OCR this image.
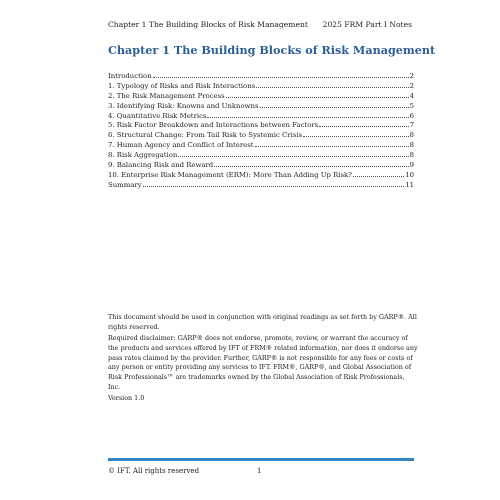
Chapter 1 The Building Blocks of Risk Management 2025 FRM Part I Notes
Chapter 1 The Building Blocks of Risk Management
Introduction	2
1. Typology of Risks and Risk Interactions	2
2. The Risk Management Process	4
3. Identifying Risk: Knowns and Unknowns	5
4. Quantitative Risk Metrics	6
5. Risk Factor Breakdown and Interactions between Factors	7
6. Structural Change: From Tail Risk to Systemic Crisis	8
7. Human Agency and Conflict of Interest	8
8. Risk Aggregation	8
9. Balancing Risk and Reward	9
10. Enterprise Risk Management (ERM): More Than Adding Up Risk?	10
Summary	11
This document should be used in conjunction with original readings as set forth by GARP®. All rights reserved.
Required disclaimer: GARP® does not endorse, promote, review, or warrant the accuracy of the products and services offered by IFT of FRM® related information, nor does it endorse any pass rates claimed by the provider. Further, GARP® is not responsible for any fees or costs of any person or entity providing any services to IFT. FRM®, GARP®, and Global Association of Risk Professionals™ are trademarks owned by the Global Association of Risk Professionals, Inc.
Version 1.0
© IFT. All rights reserved	1
